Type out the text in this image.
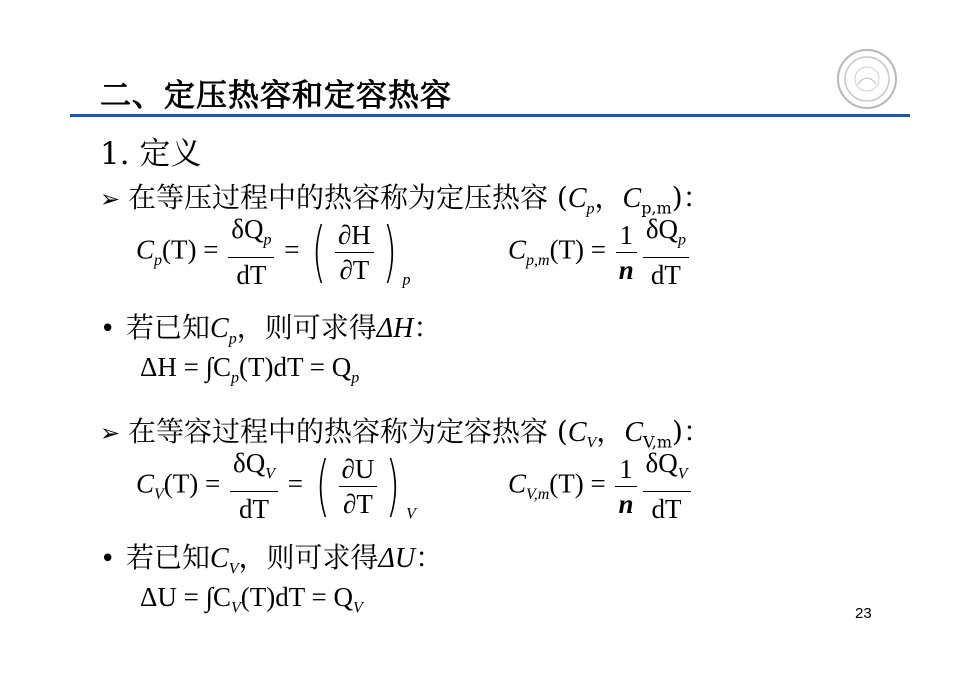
二、定压热容和定容热容
1. 定义
➢ 在等压过程中的热容称为定压热容 ($C_p$，$C_{p,m}$)：
$C_p(T) = \frac{\delta Q_p}{dT}$ = ( $\frac{\partial H}{\partial T}$ ) $_p$
$C_{p,m}(T) = \frac{1}{n} \frac{\delta Q_p}{dT}$
• 若已知$C_p$，则可求得ΔH：
$\Delta H = \int C_p(T)dT = Q_p$
➢ 在等容过程中的热容称为定容热容 ($C_V$，$C_{V,m}$)：
$C_V(T) = \frac{\delta Q_V}{dT}$ = ( $\frac{\partial U}{\partial T}$ ) $_V$
$C_{V,m}(T) = \frac{1}{n} \frac{\delta Q_V}{dT}$
• 若已知$C_V$，则可求得ΔU：
$\Delta U = \int C_V(T)dT = Q_V$	23
